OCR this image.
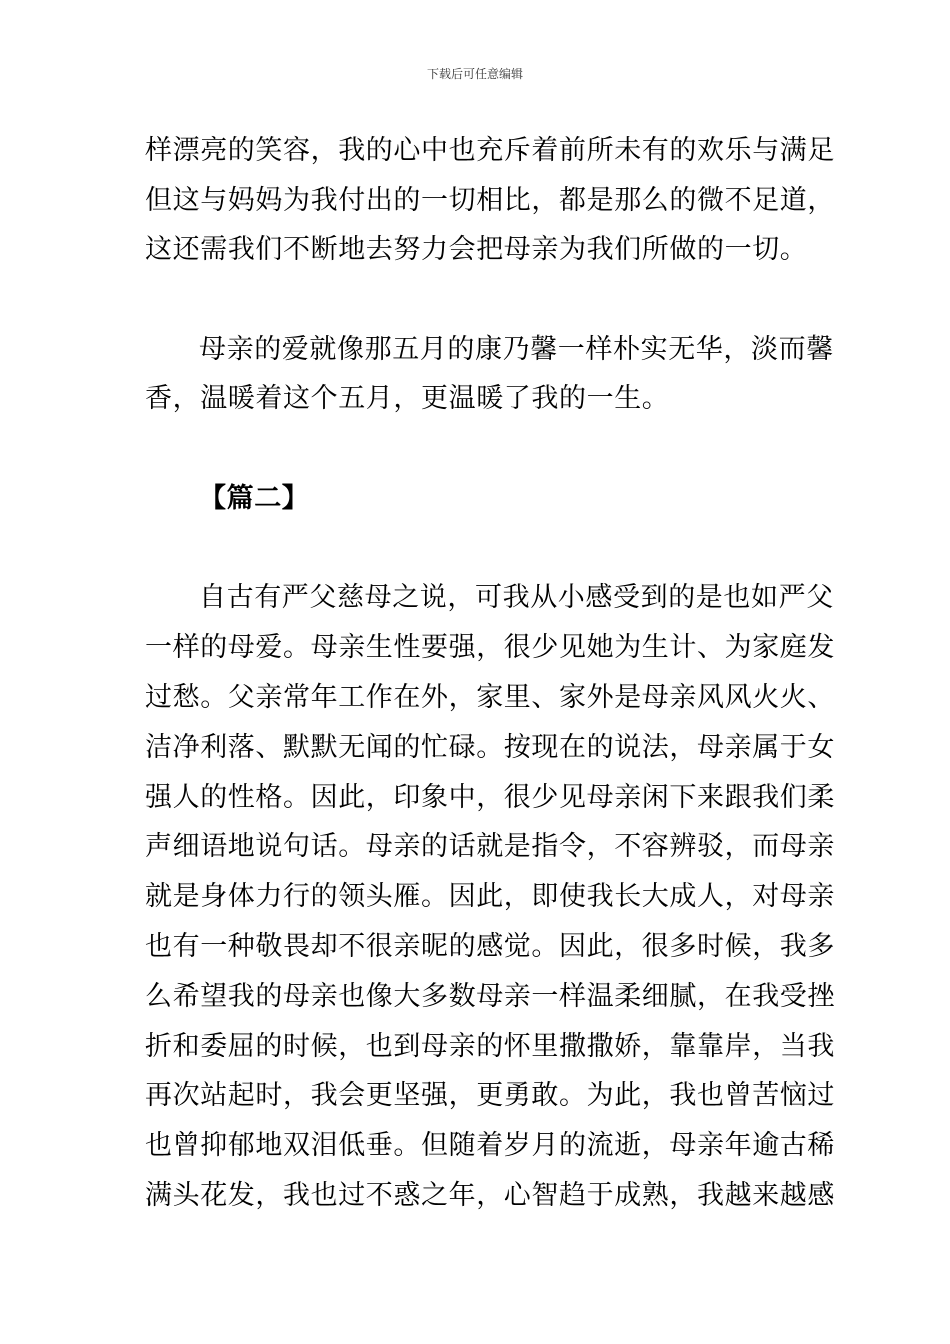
下载后可任意编辑
样漂亮的笑容，我的心中也充斥着前所未有的欢乐与满足
但这与妈妈为我付出的一切相比，都是那么的微不足道，
这还需我们不断地去努力会把母亲为我们所做的一切。
母亲的爱就像那五月的康乃馨一样朴实无华，淡而馨
香，温暖着这个五月，更温暖了我的一生。
【篇二】
自古有严父慈母之说，可我从小感受到的是也如严父
一样的母爱。母亲生性要强，很少见她为生计、为家庭发
过愁。父亲常年工作在外，家里、家外是母亲风风火火、
洁净利落、默默无闻的忙碌。按现在的说法，母亲属于女
强人的性格。因此，印象中，很少见母亲闲下来跟我们柔
声细语地说句话。母亲的话就是指令，不容辨驳，而母亲
就是身体力行的领头雁。因此，即使我长大成人，对母亲
也有一种敬畏却不很亲昵的感觉。因此，很多时候，我多
么希望我的母亲也像大多数母亲一样温柔细腻，在我受挫
折和委屈的时候，也到母亲的怀里撒撒娇，靠靠岸，当我
再次站起时，我会更坚强，更勇敢。为此，我也曾苦恼过
也曾抑郁地双泪低垂。但随着岁月的流逝，母亲年逾古稀
满头花发，我也过不惑之年，心智趋于成熟，我越来越感
